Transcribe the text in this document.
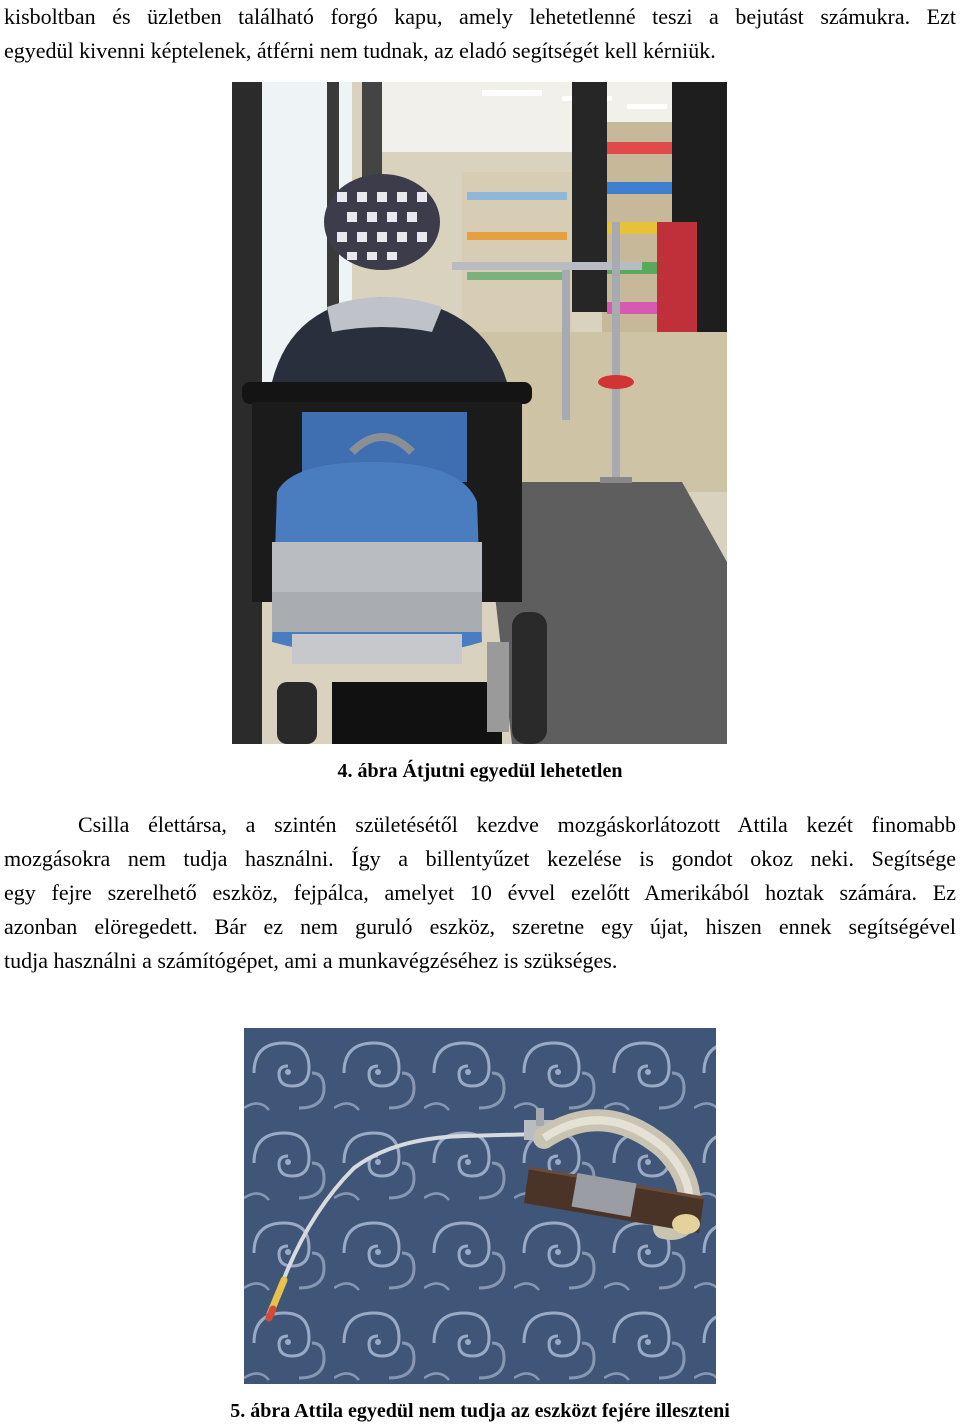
kisboltban és üzletben található forgó kapu, amely lehetetlenné teszi a bejutást számukra. Ezt
egyedül kivenni képtelenek, átférni nem tudnak, az eladó segítségét kell kérniük.

4. ábra Átjutni egyedül lehetetlen

Csilla élettársa, a szintén születésétől kezdve mozgáskorlátozott Attila kezét finomabb
mozgásokra nem tudja használni. Így a billentyűzet kezelése is gondot okoz neki. Segítsége
egy fejre szerelhető eszköz, fejpálca, amelyet 10 évvel ezelőtt Amerikából hoztak számára. Ez
azonban elöregedett. Bár ez nem guruló eszköz, szeretne egy újat, hiszen ennek segítségével
tudja használni a számítógépet, ami a munkavégzéséhez is szükséges.

5. ábra Attila egyedül nem tudja az eszközt fejére illeszteni
